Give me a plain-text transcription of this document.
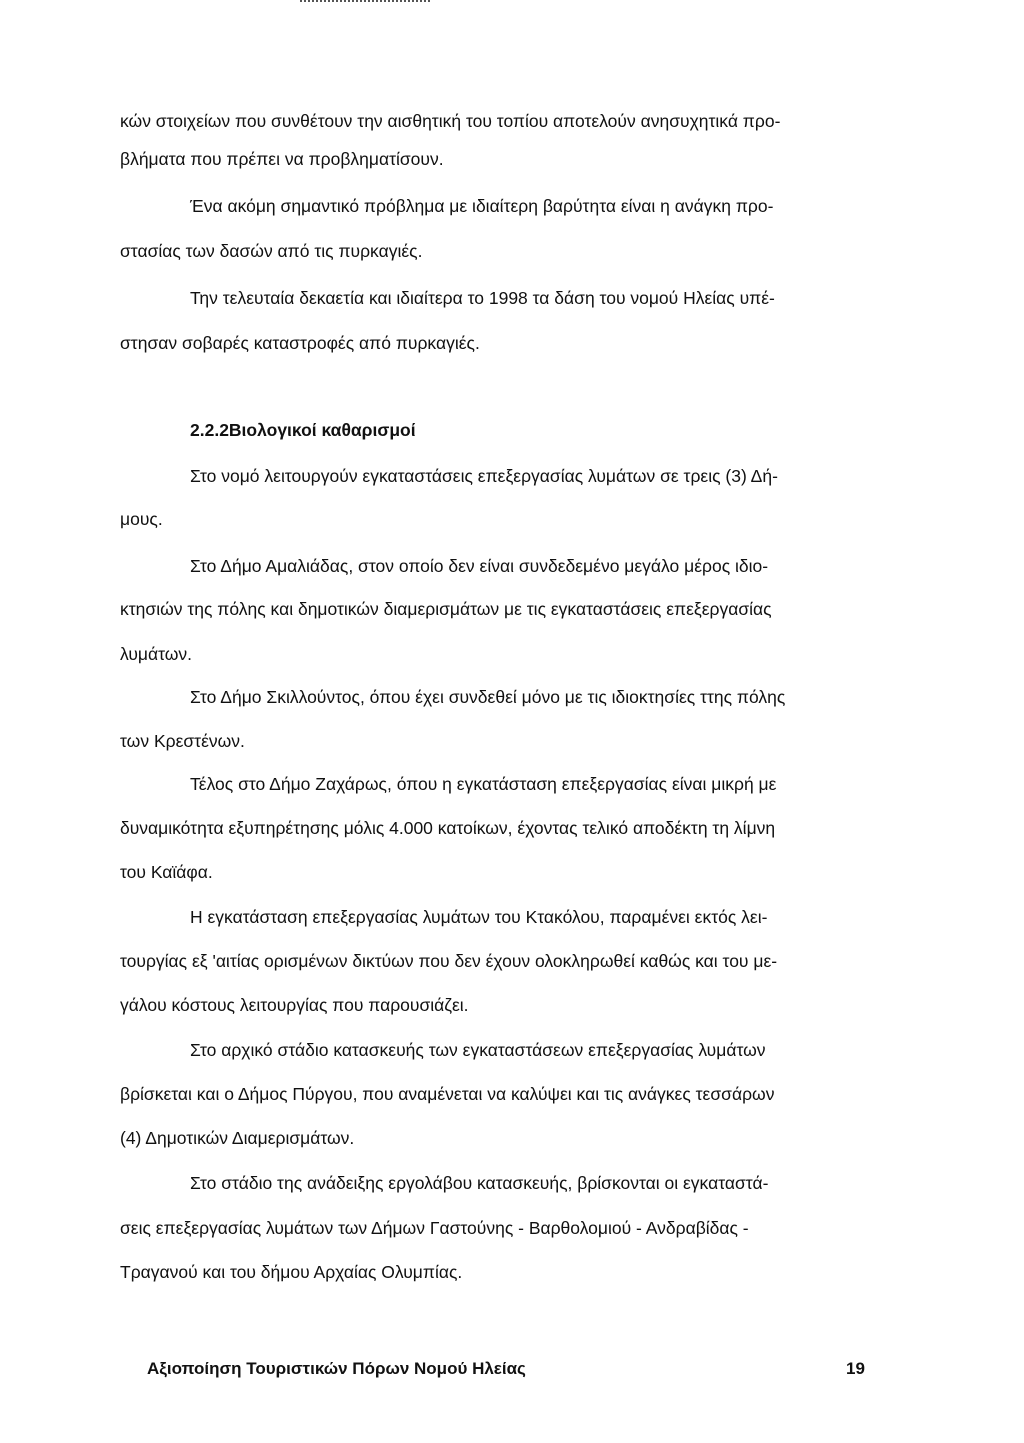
κών στοιχείων που συνθέτουν την αισθητική του τοπίου αποτελούν ανησυχητικά προ-
βλήματα που πρέπει να προβληματίσουν.
Ένα ακόμη σημαντικό πρόβλημα με ιδιαίτερη βαρύτητα είναι η ανάγκη προ-
στασίας των δασών από τις πυρκαγιές.
Την τελευταία δεκαετία και ιδιαίτερα το 1998 τα δάση του νομού Ηλείας υπέ-
στησαν σοβαρές καταστροφές από πυρκαγιές.
2.2.2Βιολογικοί καθαρισμοί
Στο νομό λειτουργούν εγκαταστάσεις επεξεργασίας λυμάτων σε τρεις (3) Δή-
μους.
Στο Δήμο Αμαλιάδας, στον οποίο δεν είναι συνδεδεμένο μεγάλο μέρος ιδιο-
κτησιών της πόλης και δημοτικών διαμερισμάτων με τις εγκαταστάσεις επεξεργασίας
λυμάτων.
Στο Δήμο Σκιλλούντος, όπου έχει συνδεθεί μόνο με τις ιδιοκτησίες ττης πόλης
των Κρεστένων.
Τέλος στο Δήμο Ζαχάρως, όπου η εγκατάσταση επεξεργασίας είναι μικρή με
δυναμικότητα εξυπηρέτησης μόλις 4.000 κατοίκων, έχοντας τελικό αποδέκτη τη λίμνη
του Καϊάφα.
Η εγκατάσταση επεξεργασίας λυμάτων του Κτακόλου, παραμένει εκτός λει-
τουργίας εξ 'αιτίας ορισμένων δικτύων που δεν έχουν ολοκληρωθεί καθώς και του με-
γάλου κόστους λειτουργίας που παρουσιάζει.
Στο αρχικό στάδιο κατασκευής των εγκαταστάσεων επεξεργασίας λυμάτων
βρίσκεται και ο Δήμος Πύργου, που αναμένεται να καλύψει και τις ανάγκες τεσσάρων
(4) Δημοτικών Διαμερισμάτων.
Στο στάδιο της ανάδειξης εργολάβου κατασκευής, βρίσκονται οι εγκαταστά-
σεις επεξεργασίας λυμάτων των Δήμων Γαστούνης - Βαρθολομιού - Ανδραβίδας -
Τραγανού και του δήμου Αρχαίας Ολυμπίας.
Αξιοποίηση Τουριστικών Πόρων Νομού Ηλείας	19
